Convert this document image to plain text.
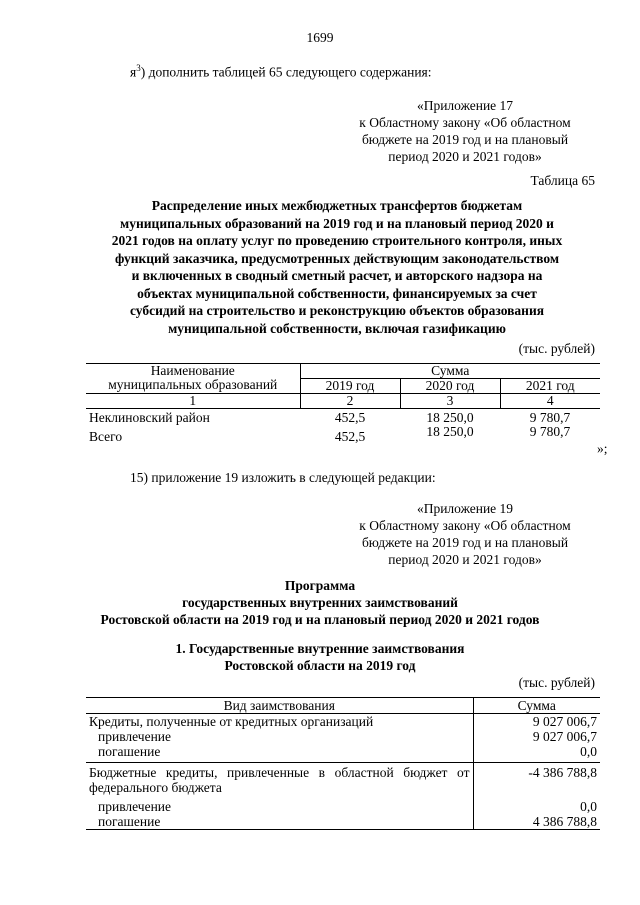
1699
$я^3$) дополнить таблицей 65 следующего содержания:
«Приложение 17
к Областному закону «Об областном
бюджете на 2019 год и на плановый
период 2020 и 2021 годов»
Таблица 65
Распределение иных межбюджетных трансфертов бюджетам
муниципальных образований на 2019 год и на плановый период 2020 и
2021 годов на оплату услуг по проведению строительного контроля, иных
функций заказчика, предусмотренных действующим законодательством
и включенных в сводный сметный расчет, и авторского надзора на
объектах муниципальной собственности, финансируемых за счет
субсидий на строительство и реконструкцию объектов образования
муниципальной собственности, включая газификацию
(тыс. рублей)
Наименование
муниципальных образований	Сумма		
	2019 год	2020 год	2021 год
1	2	3	4
Неклиновский район	452,5	18 250,0	9 780,7
Всего	452,5	18 250,0	9 780,7
»;
15) приложение 19 изложить в следующей редакции:
«Приложение 19
к Областному закону «Об областном
бюджете на 2019 год и на плановый
период 2020 и 2021 годов»
Программа
государственных внутренних заимствований
Ростовской области на 2019 год и на плановый период 2020 и 2021 годов
1. Государственные внутренние заимствования
Ростовской области на 2019 год
(тыс. рублей)
Вид заимствования	Сумма
Кредиты, полученные от кредитных организаций	9 027 006,7
привлечение	9 027 006,7
погашение	0,0
Бюджетные кредиты, привлеченные в областной бюджет от федерального бюджета	-4 386 788,8
привлечение	0,0
погашение	4 386 788,8
